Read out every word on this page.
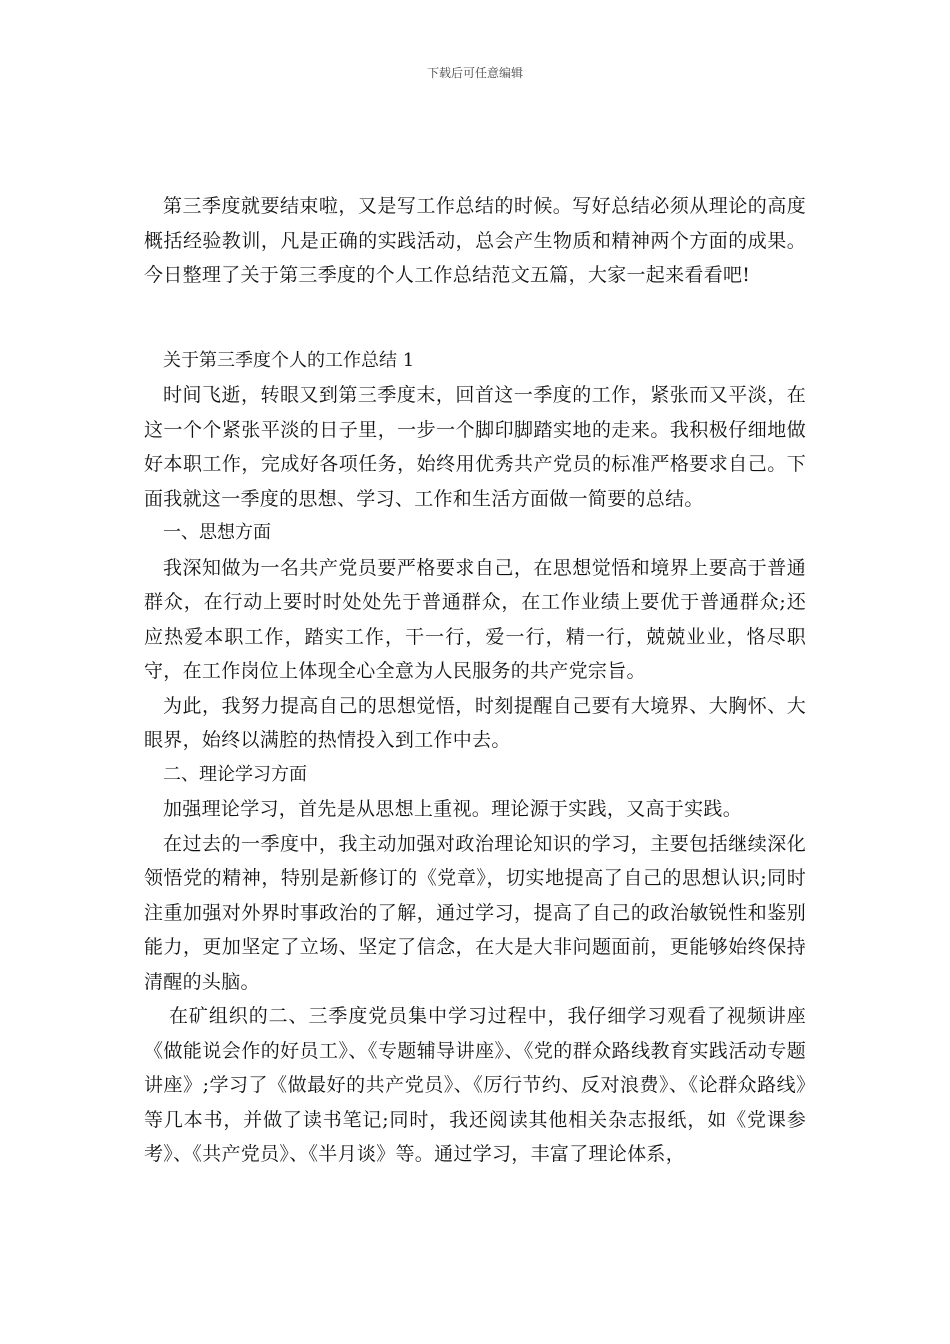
下载后可任意编辑

第三季度就要结束啦，又是写工作总结的时候。写好总结必须从理论的高度概括经验教训，凡是正确的实践活动，总会产生物质和精神两个方面的成果。今日整理了关于第三季度的个人工作总结范文五篇，大家一起来看看吧!

关于第三季度个人的工作总结 1

时间飞逝，转眼又到第三季度末，回首这一季度的工作，紧张而又平淡，在这一个个紧张平淡的日子里，一步一个脚印脚踏实地的走来。我积极仔细地做好本职工作，完成好各项任务，始终用优秀共产党员的标准严格要求自己。下面我就这一季度的思想、学习、工作和生活方面做一简要的总结。

一、思想方面

我深知做为一名共产党员要严格要求自己，在思想觉悟和境界上要高于普通群众，在行动上要时时处处先于普通群众，在工作业绩上要优于普通群众;还应热爱本职工作，踏实工作，干一行，爱一行，精一行，兢兢业业，恪尽职守，在工作岗位上体现全心全意为人民服务的共产党宗旨。

为此，我努力提高自己的思想觉悟，时刻提醒自己要有大境界、大胸怀、大眼界，始终以满腔的热情投入到工作中去。

二、理论学习方面

加强理论学习，首先是从思想上重视。理论源于实践，又高于实践。

在过去的一季度中，我主动加强对政治理论知识的学习，主要包括继续深化领悟党的精神，特别是新修订的《党章》，切实地提高了自己的思想认识;同时注重加强对外界时事政治的了解，通过学习，提高了自己的政治敏锐性和鉴别能力，更加坚定了立场、坚定了信念，在大是大非问题面前，更能够始终保持清醒的头脑。

在矿组织的二、三季度党员集中学习过程中，我仔细学习观看了视频讲座《做能说会作的好员工》、《专题辅导讲座》、《党的群众路线教育实践活动专题讲座》;学习了《做最好的共产党员》、《厉行节约、反对浪费》、《论群众路线》等几本书，并做了读书笔记;同时，我还阅读其他相关杂志报纸，如《党课参考》、《共产党员》、《半月谈》等。通过学习，丰富了理论体系，
